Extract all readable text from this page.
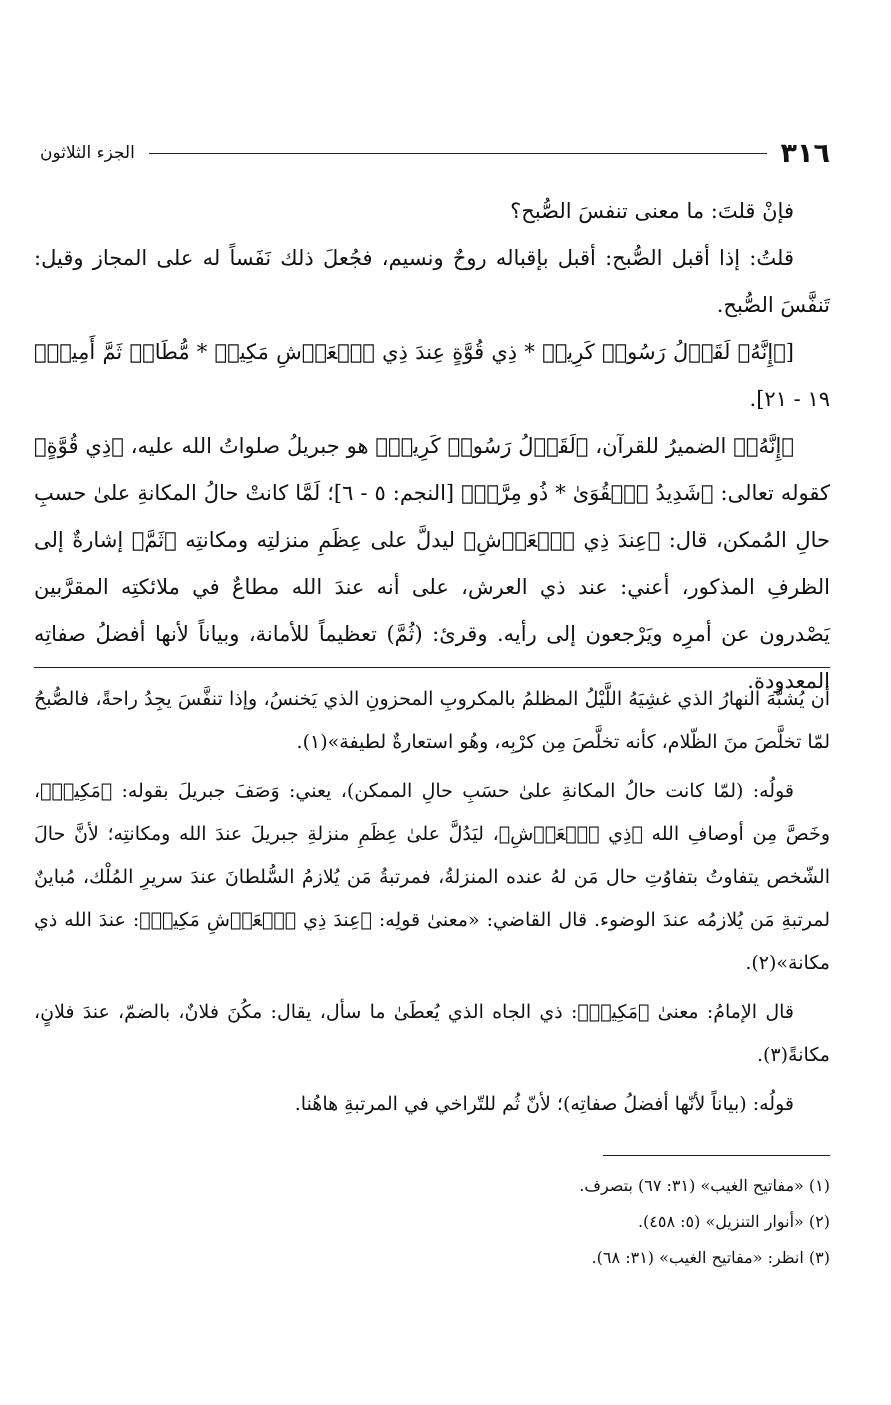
٣١٦
الجزء الثلاثون

فإنْ قلتَ: ما معنى تنفسَ الصُّبح؟

قلتُ: إذا أقبل الصُّبح: أقبل بإقباله روحٌ ونسيم، فجُعلَ ذلك نَفَساً له على المجاز وقيل: تَنفَّسَ الصُّبح.

[﴿إِنَّهُۥ لَقَوۡلُ رَسُولٖ كَرِيمٖ * ذِي قُوَّةٍ عِندَ ذِي ٱلۡعَرۡشِ مَكِينٖ * مُّطَاعٖ ثَمَّ أَمِينٖ﴾ ١٩ - ٢١].

﴿إِنَّهُۥ﴾ الضميرُ للقرآن، ﴿لَقَوۡلُ رَسُولٖ كَرِيمٖ﴾ هو جبريلُ صلواتُ الله عليه، ﴿ذِي قُوَّةٍ﴾ كقوله تعالى: ﴿شَدِيدُ ٱلۡقُوَىٰ * ذُو مِرَّةٖ﴾ [النجم: ٥ - ٦]؛ لَمَّا كانتْ حالُ المكانةِ علىٰ حسبِ حالِ المُمكن، قال: ﴿عِندَ ذِي ٱلۡعَرۡشِ﴾ ليدلَّ على عِظَمِ منزلتِه ومكانتِه ﴿ثَمَّ﴾ إشارةٌ إلى الظرفِ المذكور، أعني: عند ذي العرش، على أنه عندَ الله مطاعٌ في ملائكتِه المقرَّبين يَصْدرون عن أمرِه ويَرْجعون إلى رأيه. وقرئ: (ثُمَّ) تعظيماً للأمانة، وبياناً لأنها أفضلُ صفاتِه المعدودة.

أن يُشبَّهَ النهارُ الذي غشِيَهُ اللَّيْلُ المظلمُ بالمكروبِ المحزونِ الذي يَخنسُ، وإذا تنفَّسَ يجِدُ راحةً، فالصُّبحُ لمّا تخلَّصَ منَ الظّلام، كأنه تخلَّصَ مِن كرْبِه، وهُو استعارةٌ لطيفة»(١).

قولُه: (لمّا كانت حالُ المكانةِ علىٰ حسَبِ حالِ الممكن)، يعني: وَصَفَ جبريلَ بقوله: ﴿مَكِينٖ﴾، وخَصَّ مِن أوصافِ الله ﴿ذِي ٱلۡعَرۡشِ﴾، ليَدُلَّ علىٰ عِظَمِ منزلةِ جبريلَ عندَ الله ومكانتِه؛ لأنَّ حالَ الشّخص يتفاوتُ بتفاوُتِ حال مَن لهُ عنده المنزلةُ، فمرتبةُ مَن يُلازمُ السُّلطانَ عندَ سريرِ المُلْك، مُباينٌ لمرتبةِ مَن يُلازمُه عندَ الوضوء. قال القاضي: «معنىٰ قولِه: ﴿عِندَ ذِي ٱلۡعَرۡشِ مَكِينٖ﴾: عندَ الله ذي مكانة»(٢).

قال الإمامُ: معنىٰ ﴿مَكِينٖ﴾: ذي الجاه الذي يُعطَىٰ ما سأل، يقال: مكُنَ فلانٌ، بالضمّ، عندَ فلانٍ، مكانةً(٣).

قولُه: (بياناً لأنّها أفضلُ صفاتِه)؛ لأنّ ثُم للتّراخي في المرتبةِ هاهُنا.

(١) «مفاتيح الغيب» (٣١: ٦٧) بتصرف.

(٢) «أنوار التنزيل» (٥: ٤٥٨).

(٣) انظر: «مفاتيح الغيب» (٣١: ٦٨).
